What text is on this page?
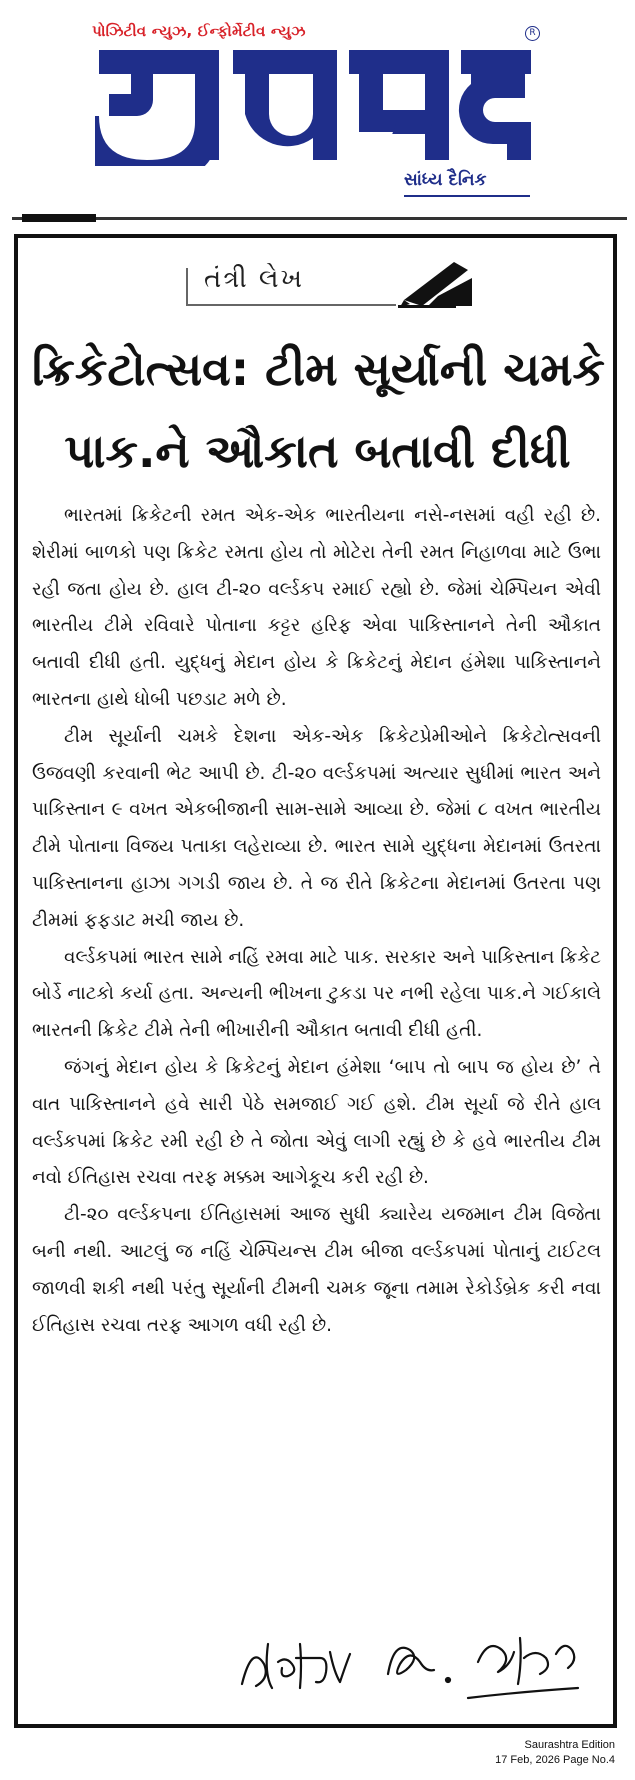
પોઝિટીવ ન્યુઝ, ઈન્ફોર્મેટીવ ન્યુઝ	R
સાંધ્ય દૈનિક
તંત્રી લેખ
ક્રિકેટોત્સવ: ટીમ સૂર્યાની ચમકે
પાક.ને ઔકાત બતાવી દીધી

ભારતમાં ક્રિકેટની રમત એક-એક ભારતીયના નસે-નસમાં વહી રહી છે. શેરીમાં બાળકો પણ ક્રિકેટ રમતા હોય તો મોટેરા તેની રમત નિહાળવા માટે ઉભા રહી જતા હોય છે. હાલ ટી-૨૦ વર્લ્ડકપ રમાઈ રહ્યો છે. જેમાં ચેમ્પિયન એવી ભારતીય ટીમે રવિવારે પોતાના કટ્ટર હરિફ એવા પાકિસ્તાનને તેની ઔકાત બતાવી દીધી હતી. યુદ્ધનું મેદાન હોય કે ક્રિકેટનું મેદાન હંમેશા પાકિસ્તાનને ભારતના હાથે ધોબી પછડાટ મળે છે.

ટીમ સૂર્યાની ચમકે દેશના એક-એક ક્રિકેટપ્રેમીઓને ક્રિકેટોત્સવની ઉજવણી કરવાની ભેટ આપી છે. ટી-૨૦ વર્લ્ડકપમાં અત્યાર સુધીમાં ભારત અને પાકિસ્તાન ૯ વખત એકબીજાની સામ-સામે આવ્યા છે. જેમાં ૮ વખત ભારતીય ટીમે પોતાના વિજય પતાકા લહેરાવ્યા છે. ભારત સામે યુદ્ધના મેદાનમાં ઉતરતા પાકિસ્તાનના હાઝા ગગડી જાય છે. તે જ રીતે ક્રિકેટના મેદાનમાં ઉતરતા પણ ટીમમાં ફફડાટ મચી જાય છે.

વર્લ્ડકપમાં ભારત સામે નહિં રમવા માટે પાક. સરકાર અને પાકિસ્તાન ક્રિકેટ બોર્ડે નાટકો કર્યા હતા. અન્યની ભીખના ટુકડા પર નભી રહેલા પાક.ને ગઈકાલે ભારતની ક્રિકેટ ટીમે તેની ભીખારીની ઔકાત બતાવી દીધી હતી.

જંગનું મેદાન હોય કે ક્રિકેટનું મેદાન હંમેશા ‘બાપ તો બાપ જ હોય છે’ તે વાત પાકિસ્તાનને હવે સારી પેઠે સમજાઈ ગઈ હશે. ટીમ સૂર્યા જે રીતે હાલ વર્લ્ડકપમાં ક્રિકેટ રમી રહી છે તે જોતા એવું લાગી રહ્યું છે કે હવે ભારતીય ટીમ નવો ઈતિહાસ રચવા તરફ મક્કમ આગેકૂચ કરી રહી છે.

ટી-૨૦ વર્લ્ડકપના ઈતિહાસમાં આજ સુધી ક્યારેય યજમાન ટીમ વિજેતા બની નથી. આટલું જ નહિં ચેમ્પિયન્સ ટીમ બીજા વર્લ્ડકપમાં પોતાનું ટાઈટલ જાળવી શકી નથી પરંતુ સૂર્યાની ટીમની ચમક જૂના તમામ રેકોર્ડબ્રેક કરી નવા ઈતિહાસ રચવા તરફ આગળ વધી રહી છે.

Saurashtra Edition
17 Feb, 2026 Page No.4
